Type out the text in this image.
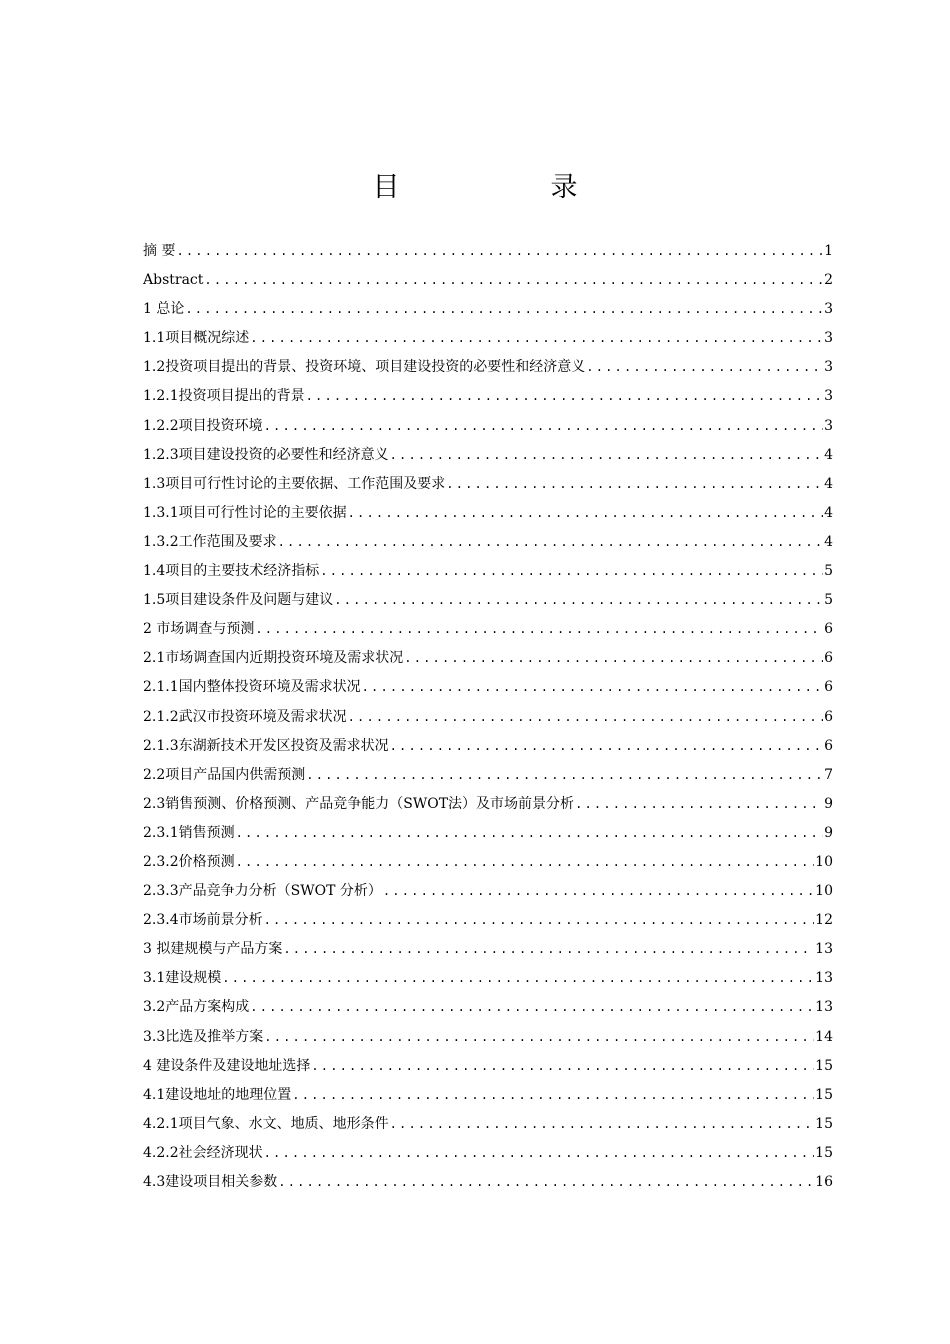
目　录
摘 要 .....	1
Abstract .....	2
1 总论 .....	3
1.1项目概况综述 .....	3
1.2投资项目提出的背景、投资环境、项目建设投资的必要性和经济意义 .....	3
1.2.1投资项目提出的背景 .....	3
1.2.2项目投资环境 .....	3
1.2.3项目建设投资的必要性和经济意义 .....	4
1.3项目可行性讨论的主要依据、工作范围及要求 .....	4
1.3.1项目可行性讨论的主要依据 .....	4
1.3.2工作范围及要求 .....	4
1.4项目的主要技术经济指标 .....	5
1.5项目建设条件及问题与建议 .....	5
2 市场调查与预测 .....	6
2.1市场调查国内近期投资环境及需求状况 .....	6
2.1.1国内整体投资环境及需求状况 .....	6
2.1.2武汉市投资环境及需求状况 .....	6
2.1.3东湖新技术开发区投资及需求状况 .....	6
2.2项目产品国内供需预测 .....	7
2.3销售预测、价格预测、产品竞争能力（SWOT法）及市场前景分析 .....	9
2.3.1销售预测 .....	9
2.3.2价格预测 .....	10
2.3.3产品竞争力分析（SWOT 分析） .....	10
2.3.4市场前景分析 .....	12
3 拟建规模与产品方案 .....	13
3.1建设规模 .....	13
3.2产品方案构成 .....	13
3.3比选及推举方案 .....	14
4 建设条件及建设地址选择 .....	15
4.1建设地址的地理位置 .....	15
4.2.1项目气象、水文、地质、地形条件 .....	15
4.2.2社会经济现状 .....	15
4.3建设项目相关参数 .....	16
